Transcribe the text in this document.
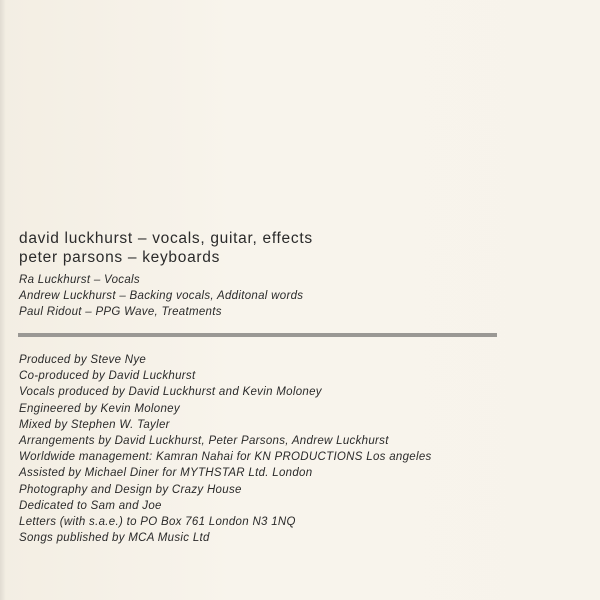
david luckhurst – vocals, guitar, effects
peter parsons – keyboards
Ra Luckhurst – Vocals
Andrew Luckhurst – Backing vocals, Additonal words
Paul Ridout – PPG Wave, Treatments
Produced by Steve Nye
Co-produced by David Luckhurst
Vocals produced by David Luckhurst and Kevin Moloney
Engineered by Kevin Moloney
Mixed by Stephen W. Tayler
Arrangements by David Luckhurst, Peter Parsons, Andrew Luckhurst
Worldwide management: Kamran Nahai for KN PRODUCTIONS Los angeles
Assisted by Michael Diner for MYTHSTAR Ltd. London
Photography and Design by Crazy House
Dedicated to Sam and Joe
Letters (with s.a.e.) to PO Box 761 London N3 1NQ
Songs published by MCA Music Ltd
